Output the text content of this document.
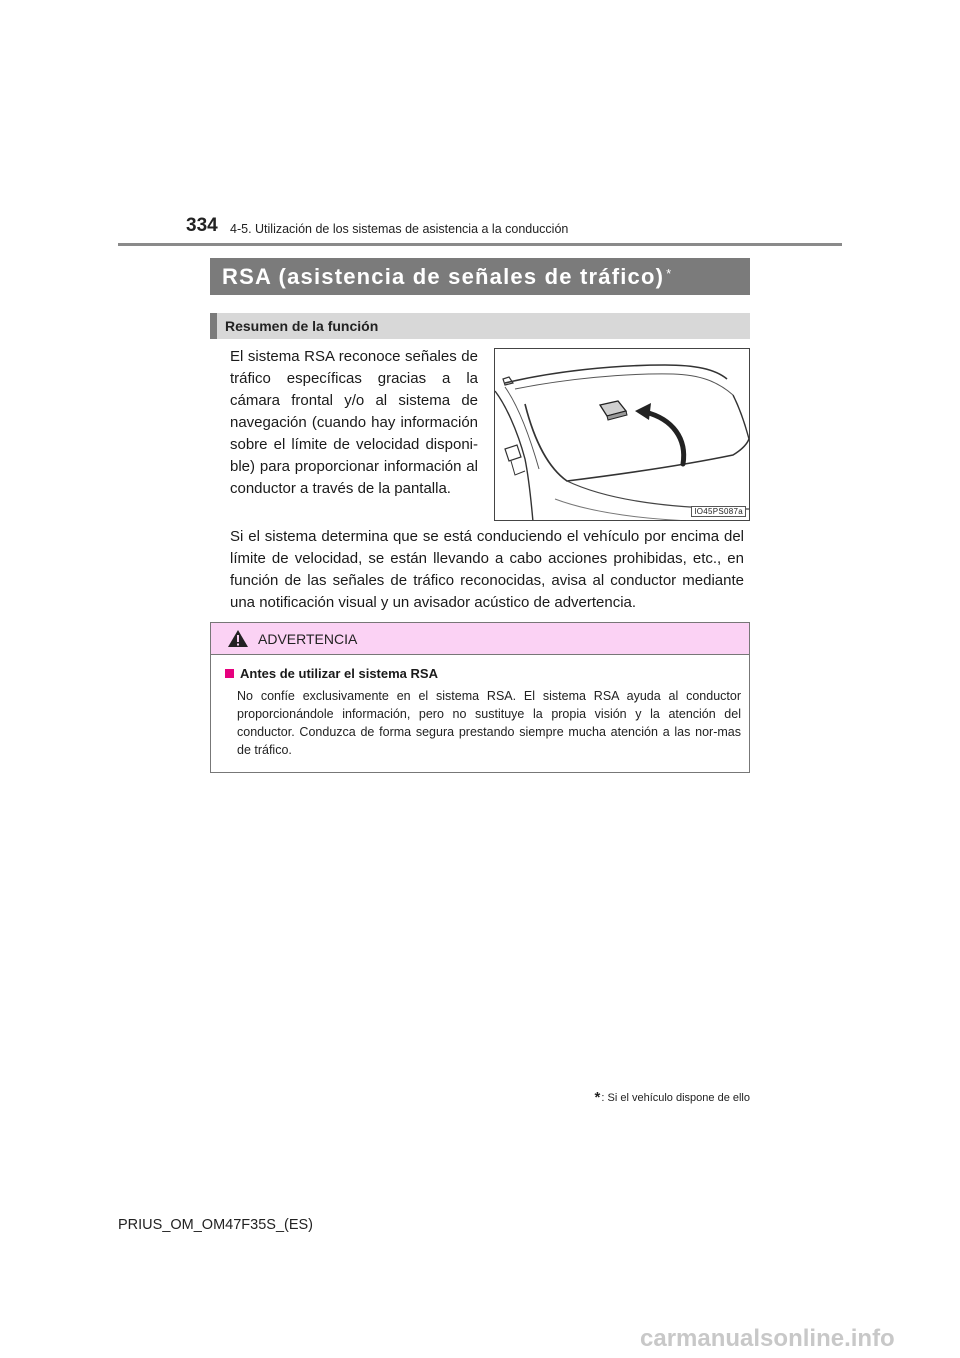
334 4-5. Utilización de los sistemas de asistencia a la conducción
RSA (asistencia de señales de tráfico)*
Resumen de la función

El sistema RSA reconoce señales de tráfico específicas gracias a la cámara frontal y/o al sistema de navegación (cuando hay información sobre el límite de velocidad disponi-ble) para proporcionar información al conductor a través de la pantalla.

IO45PS087a

Si el sistema determina que se está conduciendo el vehículo por encima del límite de velocidad, se están llevando a cabo acciones prohibidas, etc., en función de las señales de tráfico reconocidas, avisa al conductor mediante una notificación visual y un avisador acústico de advertencia.

ADVERTENCIA
Antes de utilizar el sistema RSA

No confíe exclusivamente en el sistema RSA. El sistema RSA ayuda al conductor proporcionándole información, pero no sustituye la propia visión y la atención del conductor. Conduzca de forma segura prestando siempre mucha atención a las nor-mas de tráfico.

* : Si el vehículo dispone de ello
PRIUS_OM_OM47F35S_(ES)
carmanualsonline.info
